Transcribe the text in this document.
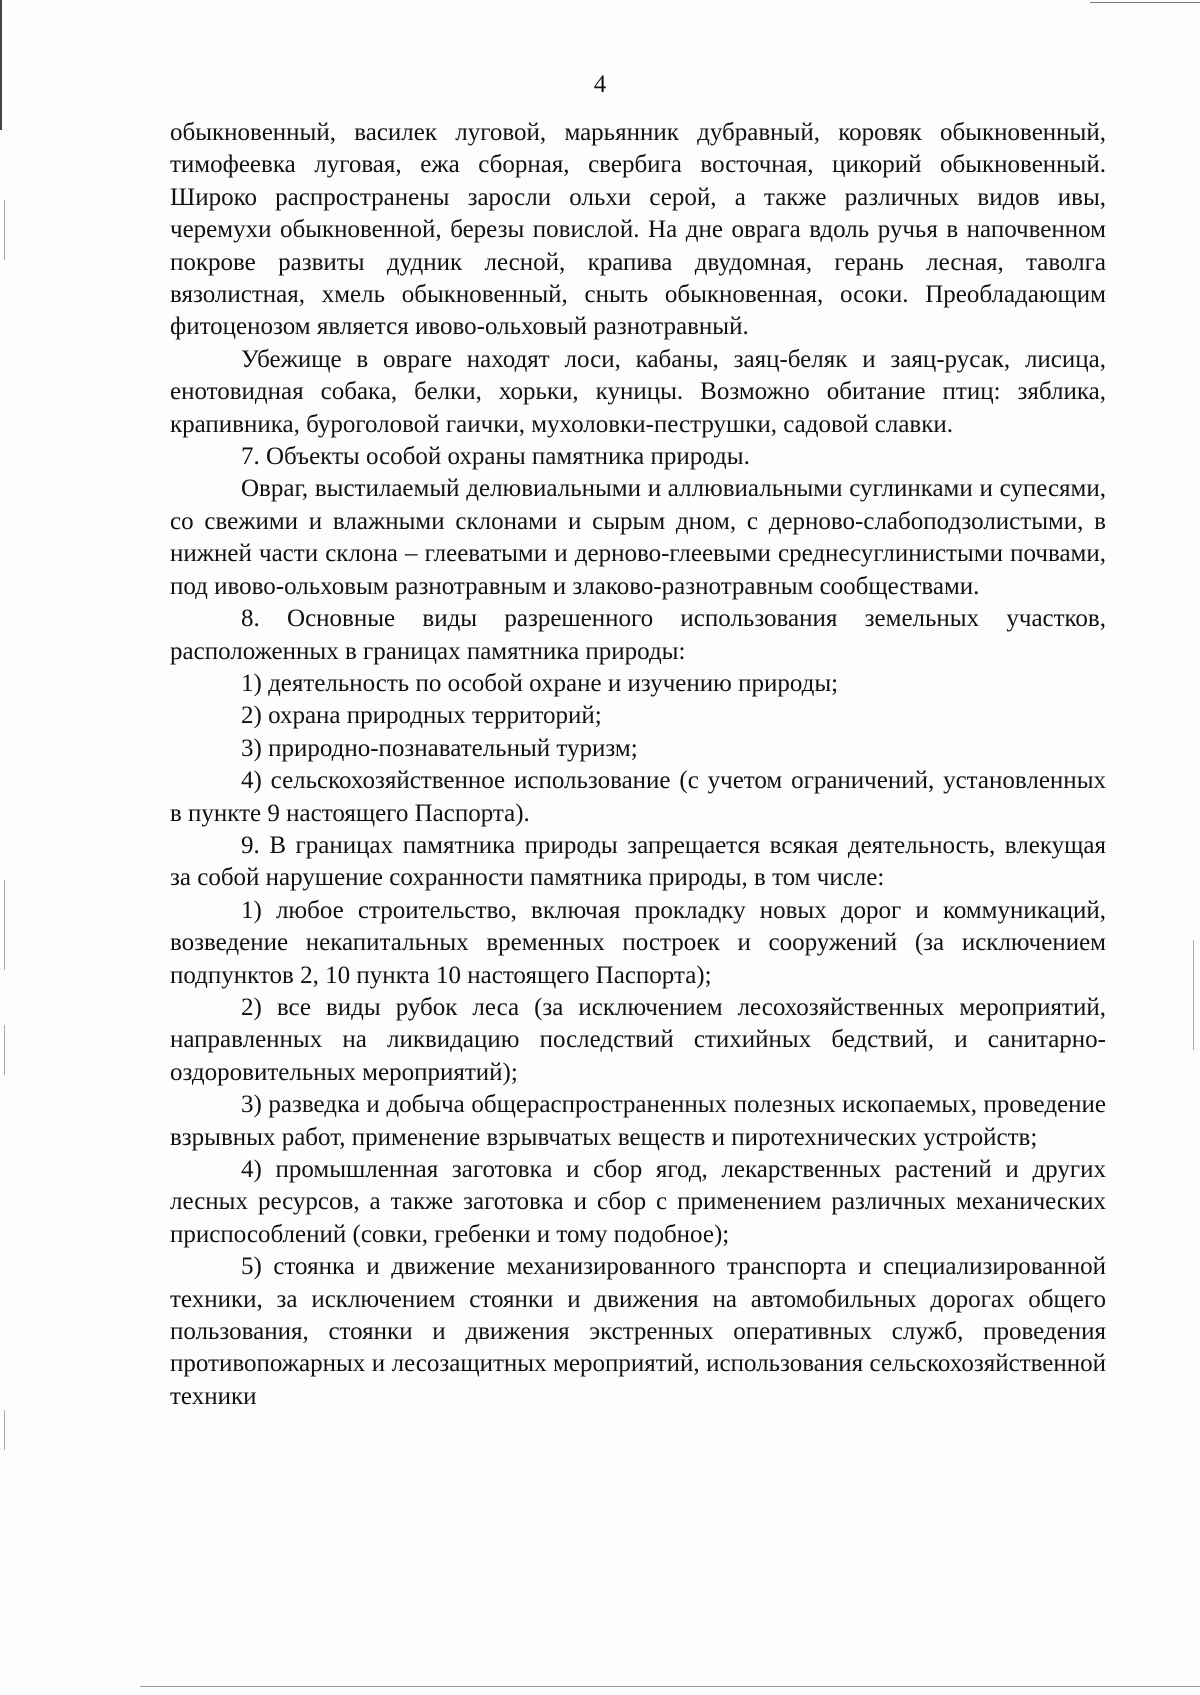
4

обыкновенный, василек луговой, марьянник дубравный, коровяк обыкновенный, тимофеевка луговая, ежа сборная, свербига восточная, цикорий обыкновенный. Широко распространены заросли ольхи серой, а также различных видов ивы, черемухи обыкновенной, березы повислой. На дне оврага вдоль ручья в напочвенном покрове развиты дудник лесной, крапива двудомная, герань лесная, таволга вязолистная, хмель обыкновенный, сныть обыкновенная, осоки. Преобладающим фитоценозом является ивово-ольховый разнотравный.

Убежище в овраге находят лоси, кабаны, заяц-беляк и заяц-русак, лисица, енотовидная собака, белки, хорьки, куницы. Возможно обитание птиц: зяблика, крапивника, буроголовой гаички, мухоловки-пеструшки, садовой славки.

7. Объекты особой охраны памятника природы.

Овраг, выстилаемый делювиальными и аллювиальными суглинками и супесями, со свежими и влажными склонами и сырым дном, с дерново-слабоподзолистыми, в нижней части склона – глееватыми и дерново-глеевыми среднесуглинистыми почвами, под ивово-ольховым разнотравным и злаково-разнотравным сообществами.

8. Основные виды разрешенного использования земельных участков, расположенных в границах памятника природы:

1) деятельность по особой охране и изучению природы;

2) охрана природных территорий;

3) природно-познавательный туризм;

4) сельскохозяйственное использование (с учетом ограничений, установленных в пункте 9 настоящего Паспорта).

9. В границах памятника природы запрещается всякая деятельность, влекущая за собой нарушение сохранности памятника природы, в том числе:

1) любое строительство, включая прокладку новых дорог и коммуникаций, возведение некапитальных временных построек и сооружений (за исключением подпунктов 2, 10 пункта 10 настоящего Паспорта);

2) все виды рубок леса (за исключением лесохозяйственных мероприятий, направленных на ликвидацию последствий стихийных бедствий, и санитарно-оздоровительных мероприятий);

3) разведка и добыча общераспространенных полезных ископаемых, проведение взрывных работ, применение взрывчатых веществ и пиротехнических устройств;

4) промышленная заготовка и сбор ягод, лекарственных растений и других лесных ресурсов, а также заготовка и сбор с применением различных механических приспособлений (совки, гребенки и тому подобное);

5) стоянка и движение механизированного транспорта и специализированной техники, за исключением стоянки и движения на автомобильных дорогах общего пользования, стоянки и движения экстренных оперативных служб, проведения противопожарных и лесозащитных мероприятий, использования сельскохозяйственной техники
